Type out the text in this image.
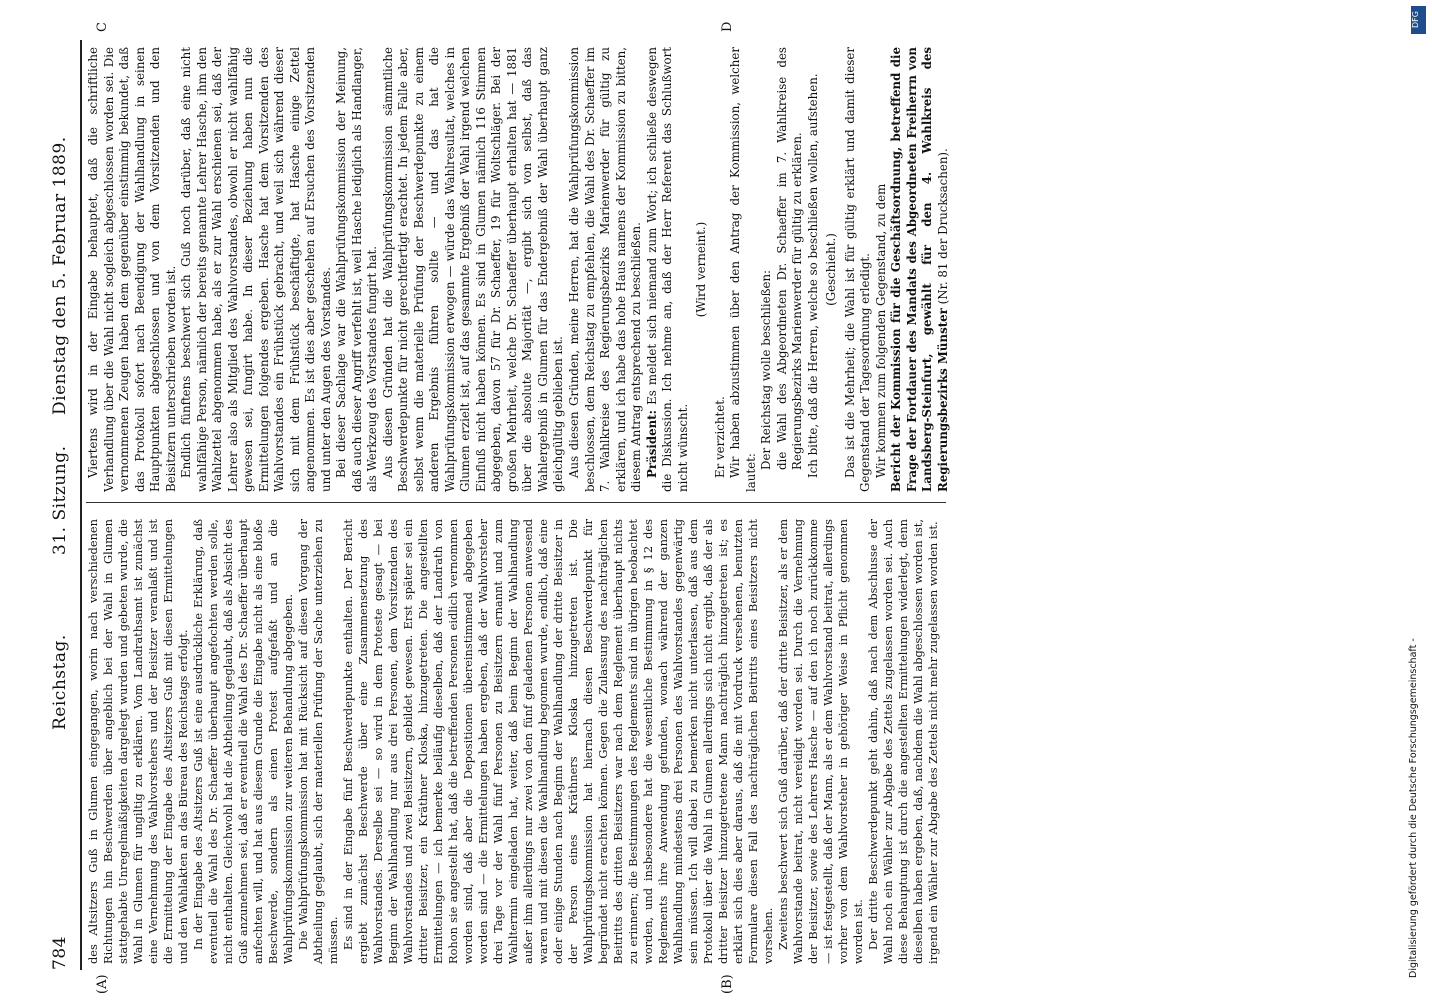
DFG
Digitalisierung gefördert durch die Deutsche Forschungsgemeinschaft -
784
Reichstag.
31. Sitzung.
Dienstag den 5. Februar 1889.
(A)	(B)
C	D

des Altsitzers Guß in Glumen eingegangen, worin nach verschiedenen Richtungen hin Beschwerden über angeblich bei der Wahl in Glumen stattgehabte Unregelmäßigkeiten dargelegt wurden und gebeten wurde, die Wahl in Glumen für ungiltig zu erklären. Vom Landrathsamt ist zunächst eine Vernehmung des Wahlvorstehers und der Beisitzer veranlaßt und ist die Ermittelung der Eingabe des Altsitzers Guß mit diesen Ermittelungen und den Wahlakten an das Büreau des Reichstags erfolgt. In der Eingabe des Altsitzers Guß ist eine ausdrückliche Erklärung, daß eventuell die Wahl des Dr. Schaeffer überhaupt angefochten werden solle, nicht enthalten. Gleichwohl hat die Abtheilung geglaubt, daß als Absicht des Guß anzunehmen sei, daß er eventuell die Wahl des Dr. Schaeffer überhaupt anfechten will, und hat aus diesem Grunde die Eingabe nicht als eine bloße Beschwerde, sondern als einen Protest aufgefaßt und an die Wahlprüfungskommission zur weiteren Behandlung abgegeben. Die Wahlprüfungskommission hat mit Rücksicht auf diesen Vorgang der Abtheilung geglaubt, sich der materiellen Prüfung der Sache unterziehen zu müssen. Es sind in der Eingabe fünf Beschwerdepunkte enthalten. Der Bericht ergiebt zunächst Beschwerde über eine Zusammensetzung des Wahlvorstandes. Derselbe sei — so wird in dem Proteste gesagt — bei Beginn der Wahlhandlung nur aus drei Personen, dem Vorsitzenden des Wahlvorstandes und zwei Beisitzern, gebildet gewesen. Erst später sei ein dritter Beisitzer, ein Kräthner Kloska, hinzugetreten. Die angestellten Ermittelungen — ich bemerke beiläufig dieselben, daß der Landrath von Rohon sie angestellt hat, daß die betreffenden Personen eidlich vernommen worden sind, daß aber die Depositionen übereinstimmend abgegeben worden sind — die Ermittelungen haben ergeben, daß der Wahlvorsteher drei Tage vor der Wahl fünf Personen zu Beisitzern ernannt und zum Wahltermin eingeladen hat, weiter, daß beim Beginn der Wahlhandlung außer ihm allerdings nur zwei von den fünf geladenen Personen anwesend waren und mit diesen die Wahlhandlung begonnen wurde, endlich, daß eine oder einige Stunden nach Beginn der Wahlhandlung der dritte Beisitzer in der Person eines Kräthners Kloska hinzugetreten ist. Die Wahlprüfungskommission hat hiernach diesen Beschwerdepunkt für begründet nicht erachten können. Gegen die Zulassung des nachträglichen Beitritts des dritten Beisitzers war nach dem Reglement überhaupt nichts zu erinnern; die Bestimmungen des Reglements sind im übrigen beobachtet worden, und insbesondere hat die wesentliche Bestimmung in § 12 des Reglements ihre Anwendung gefunden, wonach während der ganzen Wahlhandlung mindestens drei Personen des Wahlvorstandes gegenwärtig sein müssen. Ich will dabei zu bemerken nicht unterlassen, daß aus dem Protokoll über die Wahl in Glumen allerdings sich nicht ergibt, daß der als dritter Beisitzer hinzugetretene Mann nachträglich hinzugetreten ist; es erklärt sich dies aber daraus, daß die mit Vordruck versehenen, benutzten Formulare diesen Fall des nachträglichen Beitritts eines Beisitzers nicht vorsehen. Zweitens beschwert sich Guß darüber, daß der dritte Beisitzer, als er dem Wahlvorstande beitrat, nicht vereidigt worden sei. Durch die Vernehmung der Beisitzer, sowie des Lehrers Hasche — auf den ich noch zurückkomme — ist festgestellt, daß der Mann, als er dem Wahlvorstand beitrat, allerdings vorher von dem Wahlvorsteher in gehöriger Weise in Pflicht genommen worden ist. Der dritte Beschwerdepunkt geht dahin, daß nach dem Abschlusse der Wahl noch ein Wähler zur Abgabe des Zettels zugelassen worden sei. Auch diese Behauptung ist durch die angestellten Ermittelungen widerlegt, denn dieselben haben ergeben, daß, nachdem die Wahl abgeschlossen worden ist, irgend ein Wähler zur Abgabe des Zettels nicht mehr zugelassen worden ist.

Viertens wird in der Eingabe behauptet, daß die schriftliche Verhandlung über die Wahl nicht sogleich abgeschlossen worden sei. Die vernommenen Zeugen haben dem gegenüber einstimmig bekundet, daß das Protokoll sofort nach Beendigung der Wahlhandlung in seinen Hauptpunkten abgeschlossen und von dem Vorsitzenden und den Beisitzern unterschrieben worden ist. Endlich fünftens beschwert sich Guß noch darüber, daß eine nicht wahlfähige Person, nämlich der bereits genannte Lehrer Hasche, ihm den Wahlzettel abgenommen habe, als er zur Wahl erschienen sei, daß der Lehrer also als Mitglied des Wahlvorstandes, obwohl er nicht wahlfähig gewesen sei, fungirt habe. In dieser Beziehung haben nun die Ermittelungen folgendes ergeben. Hasche hat dem Vorsitzenden des Wahlvorstandes ein Frühstück gebracht, und weil sich während dieser sich mit dem Frühstück beschäftigte, hat Hasche einige Zettel angenommen. Es ist dies aber geschehen auf Ersuchen des Vorsitzenden und unter den Augen des Vorstandes. Bei dieser Sachlage war die Wahlprüfungskommission der Meinung, daß auch dieser Angriff verfehlt ist, weil Hasche lediglich als Handlanger, als Werkzeug des Vorstandes fungirt hat. Aus diesen Gründen hat die Wahlprüfungskommission sämmtliche Beschwerdepunkte für nicht gerechtfertigt erachtet. In jedem Falle aber, selbst wenn die materielle Prüfung der Beschwerdepunkte zu einem anderen Ergebnis führen sollte — und das hat die Wahlprüfungskommission erwogen — würde das Wahlresultat, welches in Glumen erzielt ist, auf das gesammte Ergebniß der Wahl irgend welchen Einfluß nicht haben können. Es sind in Glumen nämlich 116 Stimmen abgegeben, davon 57 für Dr. Schaeffer, 19 für Woltschläger. Bei der großen Mehrheit, welche Dr. Schaeffer überhaupt erhalten hat — 1881 über die absolute Majorität —, ergibt sich von selbst, daß das Wahlergebniß in Glumen für das Endergebniß der Wahl überhaupt ganz gleichgültig geblieben ist. Aus diesen Gründen, meine Herren, hat die Wahlprüfungskommission beschlossen, dem Reichstag zu empfehlen, die Wahl des Dr. Schaeffer im 7. Wahlkreise des Regierungsbezirks Marienwerder für gültig zu erklären, und ich habe das hohe Haus namens der Kommission zu bitten, diesem Antrag entsprechend zu beschließen. Präsident: Es meldet sich niemand zum Wort; ich schließe deswegen die Diskussion. Ich nehme an, daß der Herr Referent das Schlußwort nicht wünscht.

(Wird verneint.)

Er verzichtet. Wir haben abzustimmen über den Antrag der Kommission, welcher lautet:

Der Reichstag wolle beschließen: die Wahl des Abgeordneten Dr. Schaeffer im 7. Wahlkreise des Regierungsbezirks Marienwerder für gültig zu erklären. Ich bitte, daß die Herren, welche so beschließen wollen, aufstehen. (Geschieht.) Das ist die Mehrheit; die Wahl ist für gültig erklärt und damit dieser Gegenstand der Tagesordnung erledigt. Wir kommen zum folgenden Gegenstand, zu dem Bericht der Kommission für die Geschäftsordnung, betreffend die Frage der Fortdauer des Mandats des Abgeordneten Freiherrn von Landsberg-Steinfurt, gewählt für den 4. Wahlkreis des Regierungsbezirks Münster (Nr. 81 der Drucksachen).
